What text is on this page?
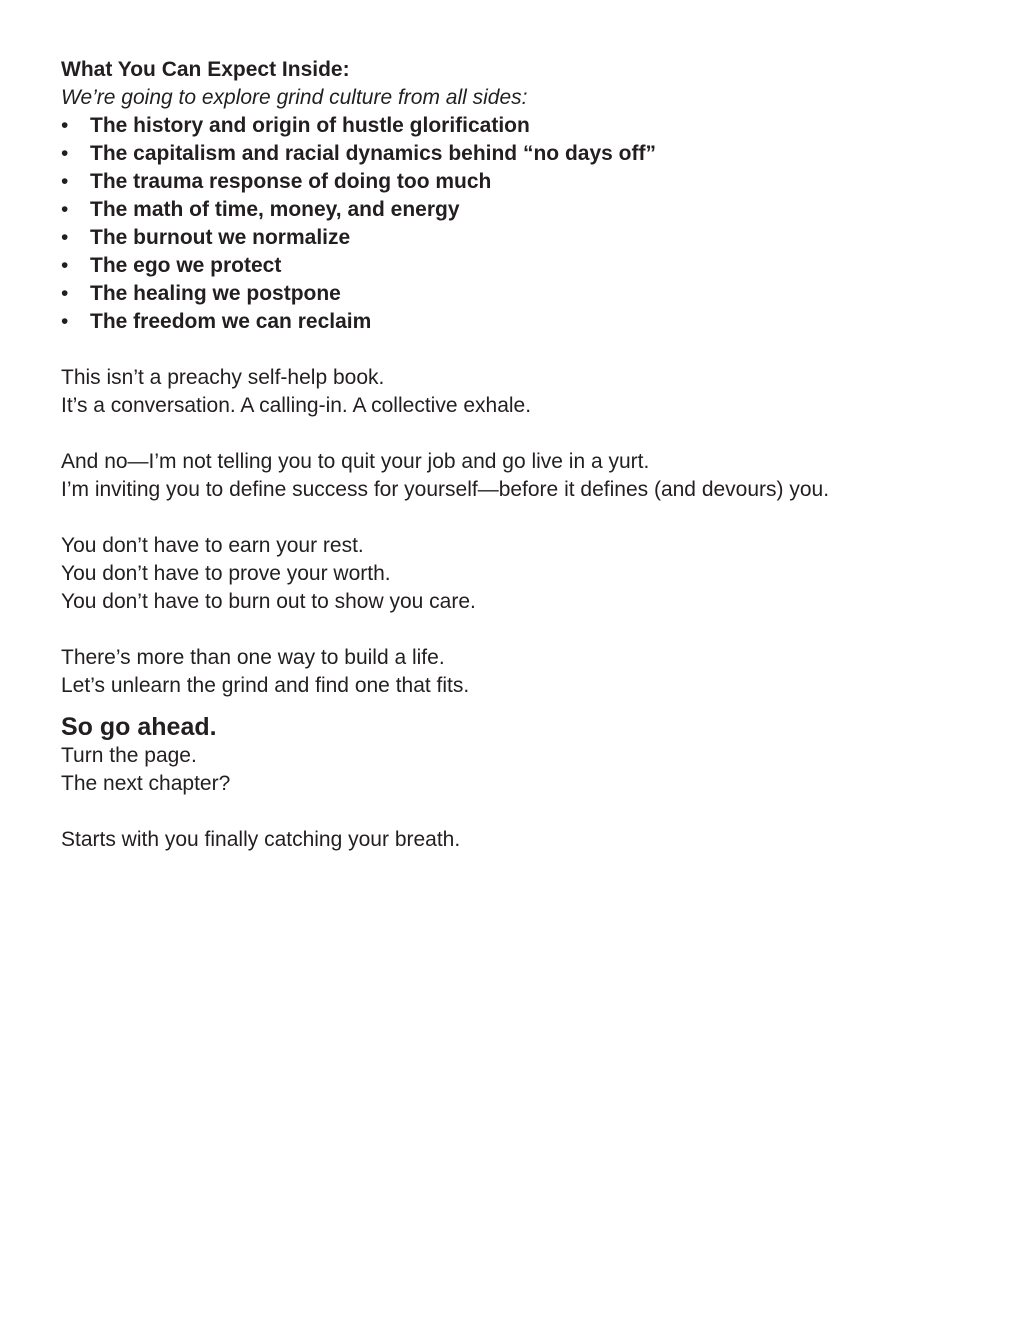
What You Can Expect Inside:

We’re going to explore grind culture from all sides:

• The history and origin of hustle glorification
• The capitalism and racial dynamics behind “no days off”
• The trauma response of doing too much
• The math of time, money, and energy
• The burnout we normalize
• The ego we protect
• The healing we postpone
• The freedom we can reclaim

This isn’t a preachy self-help book.

It’s a conversation. A calling-in. A collective exhale.

And no—I’m not telling you to quit your job and go live in a yurt.

I’m inviting you to define success for yourself—before it defines (and devours) you.

You don’t have to earn your rest.

You don’t have to prove your worth.

You don’t have to burn out to show you care.

There’s more than one way to build a life.

Let’s unlearn the grind and find one that fits.

So go ahead.

Turn the page.

The next chapter?

Starts with you finally catching your breath.
